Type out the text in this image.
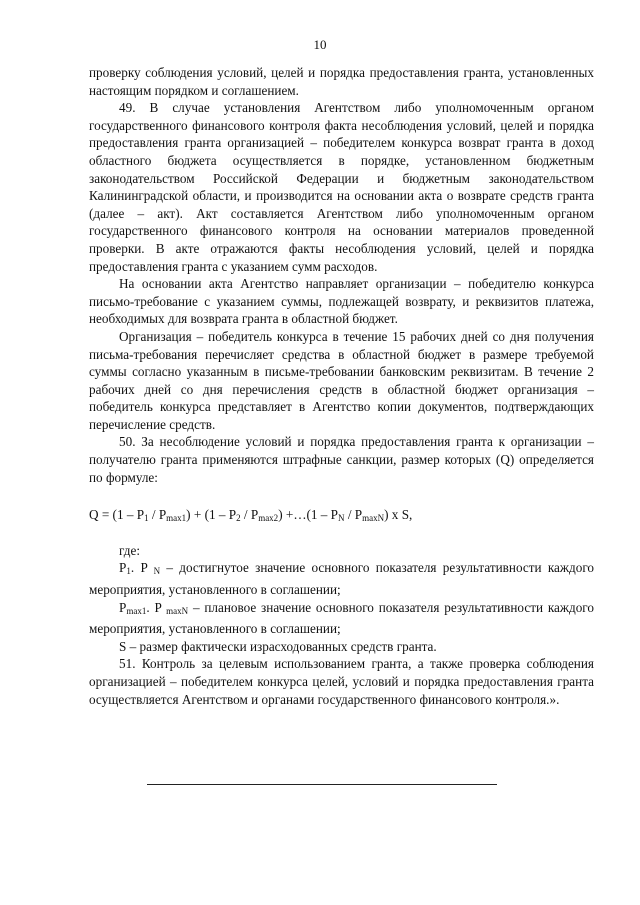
10

проверку соблюдения условий, целей и порядка предоставления гранта, установленных настоящим порядком и соглашением.

49. В случае установления Агентством либо уполномоченным органом государственного финансового контроля факта несоблюдения условий, целей и порядка предоставления гранта организацией – победителем конкурса возврат гранта в доход областного бюджета осуществляется в порядке, установленном бюджетным законодательством Российской Федерации и бюджетным законодательством Калининградской области, и производится на основании акта о возврате средств гранта (далее – акт). Акт составляется Агентством либо уполномоченным органом государственного финансового контроля на основании материалов проведенной проверки. В акте отражаются факты несоблюдения условий, целей и порядка предоставления гранта с указанием сумм расходов.

На основании акта Агентство направляет организации – победителю конкурса письмо-требование с указанием суммы, подлежащей возврату, и реквизитов платежа, необходимых для возврата гранта в областной бюджет.

Организация – победитель конкурса в течение 15 рабочих дней со дня получения письма-требования перечисляет средства в областной бюджет в размере требуемой суммы согласно указанным в письме-требовании банковским реквизитам. В течение 2 рабочих дней со дня перечисления средств в областной бюджет организация – победитель конкурса представляет в Агентство копии документов, подтверждающих перечисление средств.

50. За несоблюдение условий и порядка предоставления гранта к организации – получателю гранта применяются штрафные санкции, размер которых (Q) определяется по формуле:

$Q = (1 - P_1 / P_{max1}) + (1 - P_2 / P_{max2})$ +…(1 – $P_N / P_{maxN}$) x S,

где:

$P_1$. P $_N$ – достигнутое значение основного показателя результативности каждого мероприятия, установленного в соглашении;

$P_{max1}$. P $_{maxN}$ – плановое значение основного показателя результативности каждого мероприятия, установленного в соглашении;

S – размер фактически израсходованных средств гранта.

51. Контроль за целевым использованием гранта, а также проверка соблюдения организацией – победителем конкурса целей, условий и порядка предоставления гранта осуществляется Агентством и органами государственного финансового контроля.».
